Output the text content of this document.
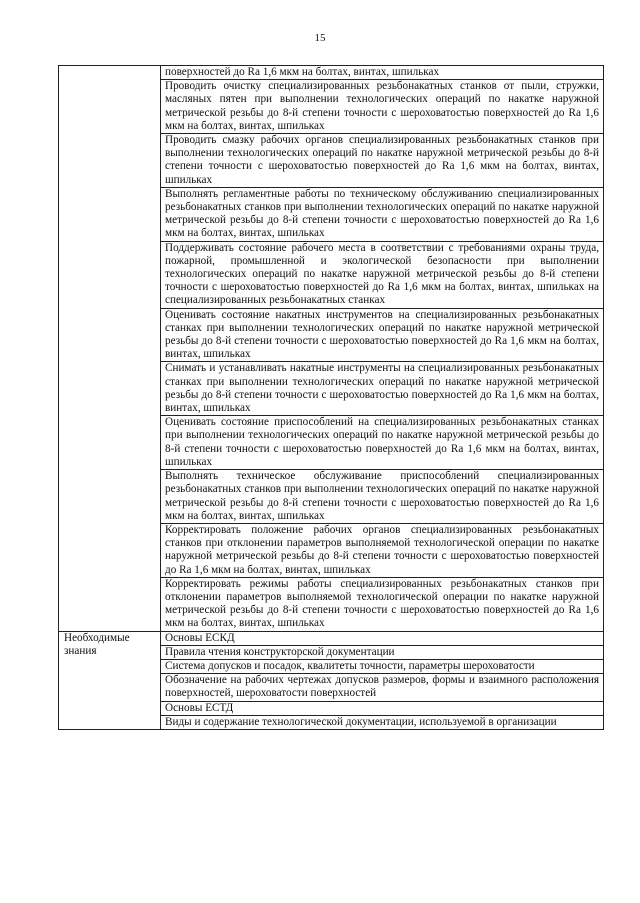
15
	поверхностей до Ra 1,6 мкм на болтах, винтах, шпильках
	Проводить очистку специализированных резьбонакатных станков от пыли, стружки, масляных пятен при выполнении технологических операций по накатке наружной метрической резьбы до 8-й степени точности с шероховатостью поверхностей до Ra 1,6 мкм на болтах, винтах, шпильках
	Проводить смазку рабочих органов специализированных резьбонакатных станков при выполнении технологических операций по накатке наружной метрической резьбы до 8-й степени точности с шероховатостью поверхностей до Ra 1,6 мкм на болтах, винтах, шпильках
	Выполнять регламентные работы по техническому обслуживанию специализированных резьбонакатных станков при выполнении технологических операций по накатке наружной метрической резьбы до 8-й степени точности с шероховатостью поверхностей до Ra 1,6 мкм на болтах, винтах, шпильках
	Поддерживать состояние рабочего места в соответствии с требованиями охраны труда, пожарной, промышленной и экологической безопасности при выполнении технологических операций по накатке наружной метрической резьбы до 8-й степени точности с шероховатостью поверхностей до Ra 1,6 мкм на болтах, винтах, шпильках на специализированных резьбонакатных станках
	Оценивать состояние накатных инструментов на специализированных резьбонакатных станках при выполнении технологических операций по накатке наружной метрической резьбы до 8-й степени точности с шероховатостью поверхностей до Ra 1,6 мкм на болтах, винтах, шпильках
	Снимать и устанавливать накатные инструменты на специализированных резьбонакатных станках при выполнении технологических операций по накатке наружной метрической резьбы до 8-й степени точности с шероховатостью поверхностей до Ra 1,6 мкм на болтах, винтах, шпильках
	Оценивать состояние приспособлений на специализированных резьбонакатных станках при выполнении технологических операций по накатке наружной метрической резьбы до 8-й степени точности с шероховатостью поверхностей до Ra 1,6 мкм на болтах, винтах, шпильках
	Выполнять техническое обслуживание приспособлений специализированных резьбонакатных станков при выполнении технологических операций по накатке наружной метрической резьбы до 8-й степени точности с шероховатостью поверхностей до Ra 1,6 мкм на болтах, винтах, шпильках
	Корректировать положение рабочих органов специализированных резьбонакатных станков при отклонении параметров выполняемой технологической операции по накатке наружной метрической резьбы до 8-й степени точности с шероховатостью поверхностей до Ra 1,6 мкм на болтах, винтах, шпильках
	Корректировать режимы работы специализированных резьбонакатных станков при отклонении параметров выполняемой технологической операции по накатке наружной метрической резьбы до 8-й степени точности с шероховатостью поверхностей до Ra 1,6 мкм на болтах, винтах, шпильках
Необходимые знания	Основы ЕСКД
	Правила чтения конструкторской документации
	Система допусков и посадок, квалитеты точности, параметры шероховатости
	Обозначение на рабочих чертежах допусков размеров, формы и взаимного расположения поверхностей, шероховатости поверхностей
	Основы ЕСТД
	Виды и содержание технологической документации, используемой в организации
